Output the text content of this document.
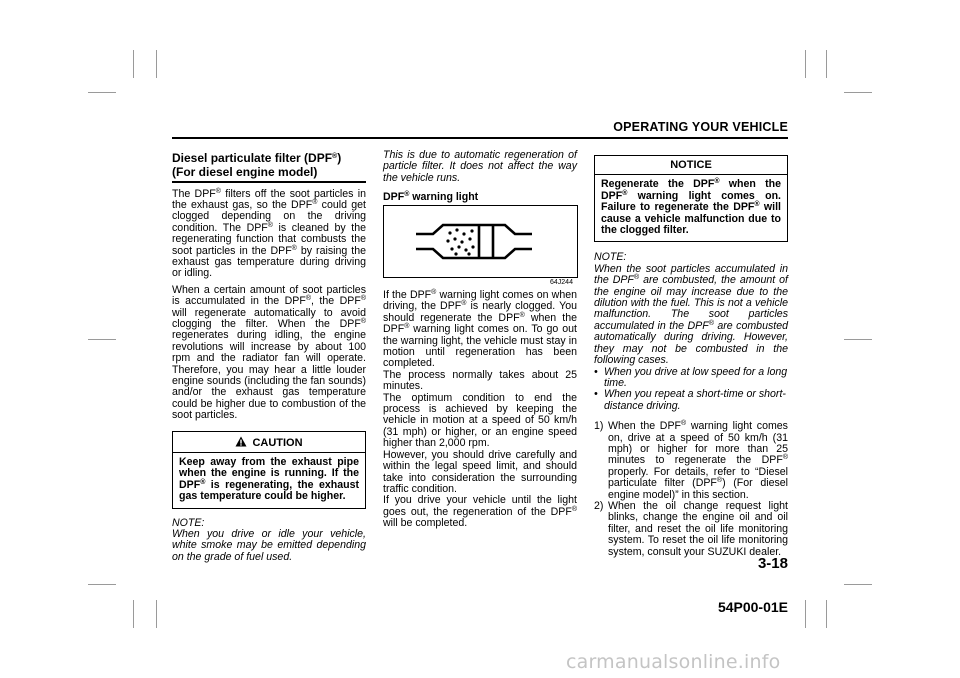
OPERATING YOUR VEHICLE
Diesel particulate filter (DPF®)
(For diesel engine model)

The DPF® filters off the soot particles in the exhaust gas, so the DPF® could get clogged depending on the driving condition. The DPF® is cleaned by the regenerating function that combusts the soot particles in the DPF® by raising the exhaust gas temperature during driving or idling.

When a certain amount of soot particles is accumulated in the DPF®, the DPF® will regenerate automatically to avoid clogging the filter. When the DPF® regenerates during idling, the engine revolutions will increase by about 100 rpm and the radiator fan will operate. Therefore, you may hear a little louder engine sounds (including the fan sounds) and/or the exhaust gas temperature could be higher due to combustion of the soot particles.

CAUTION
Keep away from the exhaust pipe when the engine is running. If the DPF® is regenerating, the exhaust gas temperature could be higher.

NOTE:

When you drive or idle your vehicle, white smoke may be emitted depending on the grade of fuel used.

This is due to automatic regeneration of particle filter. It does not affect the way the vehicle runs.

DPF® warning light

64J244

If the DPF® warning light comes on when driving, the DPF® is nearly clogged. You should regenerate the DPF® when the DPF® warning light comes on. To go out the warning light, the vehicle must stay in motion until regeneration has been completed.

The process normally takes about 25 minutes.

The optimum condition to end the process is achieved by keeping the vehicle in motion at a speed of 50 km/h (31 mph) or higher, or an engine speed higher than 2,000 rpm.

However, you should drive carefully and within the legal speed limit, and should take into consideration the surrounding traffic condition.

If you drive your vehicle until the light goes out, the regeneration of the DPF® will be completed.

NOTICE
Regenerate the DPF® when the DPF® warning light comes on. Failure to regenerate the DPF® will cause a vehicle malfunction due to the clogged filter.

NOTE:

When the soot particles accumulated in the DPF® are combusted, the amount of the engine oil may increase due to the dilution with the fuel. This is not a vehicle malfunction. The soot particles accumulated in the DPF® are combusted automatically during driving. However, they may not be combusted in the following cases.

• When you drive at low speed for a long time.
• When you repeat a short-time or short-distance driving.
1) When the DPF® warning light comes on, drive at a speed of 50 km/h (31 mph) or higher for more than 25 minutes to regenerate the DPF® properly. For details, refer to “Diesel particulate filter (DPF®) (For diesel engine model)” in this section.
2) When the oil change request light blinks, change the engine oil and oil filter, and reset the oil life monitoring system. To reset the oil life monitoring system, consult your SUZUKI dealer.
3-18
54P00-01E
carmanualsonline.info
